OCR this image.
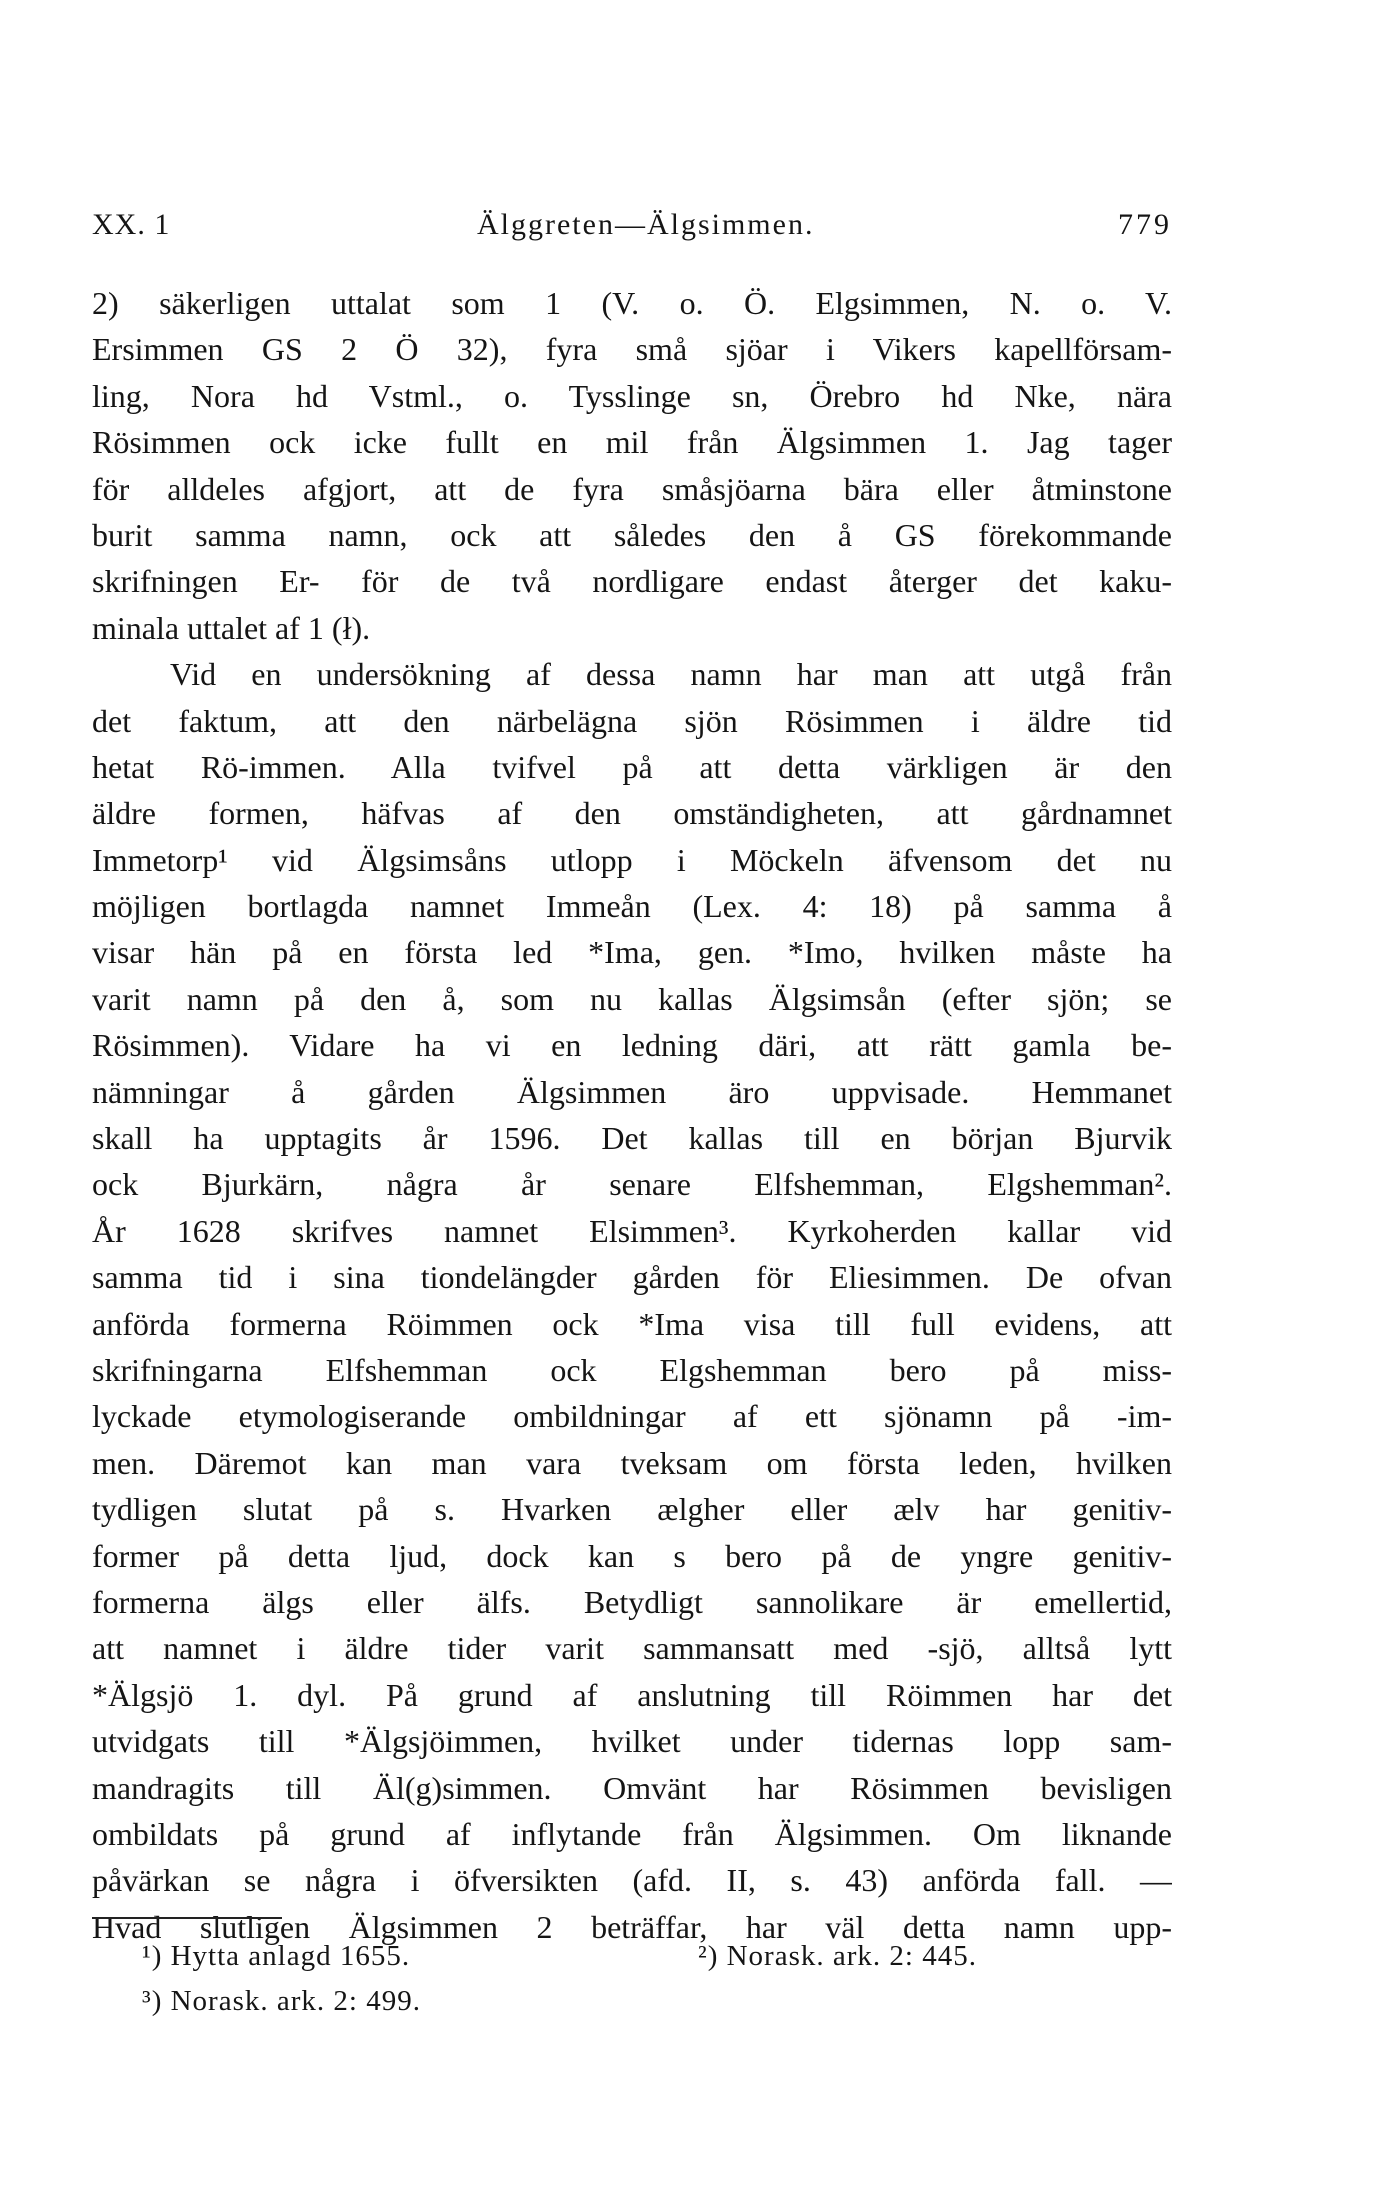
XX. 1	Älggreten—Älgsimmen.	779
2) säkerligen uttalat som 1 (V. o. Ö. Elgsimmen, N. o. V.
Ersimmen GS 2 Ö 32), fyra små sjöar i Vikers kapellförsam-
ling, Nora hd Vstml., o. Tysslinge sn, Örebro hd Nke, nära
Rösimmen ock icke fullt en mil från Älgsimmen 1. Jag tager
för alldeles afgjort, att de fyra småsjöarna bära eller åtminstone
burit samma namn, ock att således den å GS förekommande
skrifningen Er- för de två nordligare endast återger det kaku-
minala uttalet af 1 (ł).
Vid en undersökning af dessa namn har man att utgå från
det faktum, att den närbelägna sjön Rösimmen i äldre tid
hetat Rö-immen. Alla tvifvel på att detta värkligen är den
äldre formen, häfvas af den omständigheten, att gårdnamnet
Immetorp¹ vid Älgsimsåns utlopp i Möckeln äfvensom det nu
möjligen bortlagda namnet Immeån (Lex. 4: 18) på samma å
visar hän på en första led *Ima, gen. *Imo, hvilken måste ha
varit namn på den å, som nu kallas Älgsimsån (efter sjön; se
Rösimmen). Vidare ha vi en ledning däri, att rätt gamla be-
nämningar å gården Älgsimmen äro uppvisade. Hemmanet
skall ha upptagits år 1596. Det kallas till en början Bjurvik
ock Bjurkärn, några år senare Elfshemman, Elgshemman².
År 1628 skrifves namnet Elsimmen³. Kyrkoherden kallar vid
samma tid i sina tiondelängder gården för Eliesimmen. De ofvan
anförda formerna Röimmen ock *Ima visa till full evidens, att
skrifningarna Elfshemman ock Elgshemman bero på miss-
lyckade etymologiserande ombildningar af ett sjönamn på -im-
men. Däremot kan man vara tveksam om första leden, hvilken
tydligen slutat på s. Hvarken ælgher eller ælv har genitiv-
former på detta ljud, dock kan s bero på de yngre genitiv-
formerna älgs eller älfs. Betydligt sannolikare är emellertid,
att namnet i äldre tider varit sammansatt med -sjö, alltså lytt
*Älgsjö 1. dyl. På grund af anslutning till Röimmen har det
utvidgats till *Älgsjöimmen, hvilket under tidernas lopp sam-
mandragits till Äl(g)simmen. Omvänt har Rösimmen bevisligen
ombildats på grund af inflytande från Älgsimmen. Om liknande
påvärkan se några i öfversikten (afd. II, s. 43) anförda fall. —
Hvad slutligen Älgsimmen 2 beträffar, har väl detta namn upp-
¹) Hytta anlagd 1655.	²) Norask. ark. 2: 445.
³) Norask. ark. 2: 499.
